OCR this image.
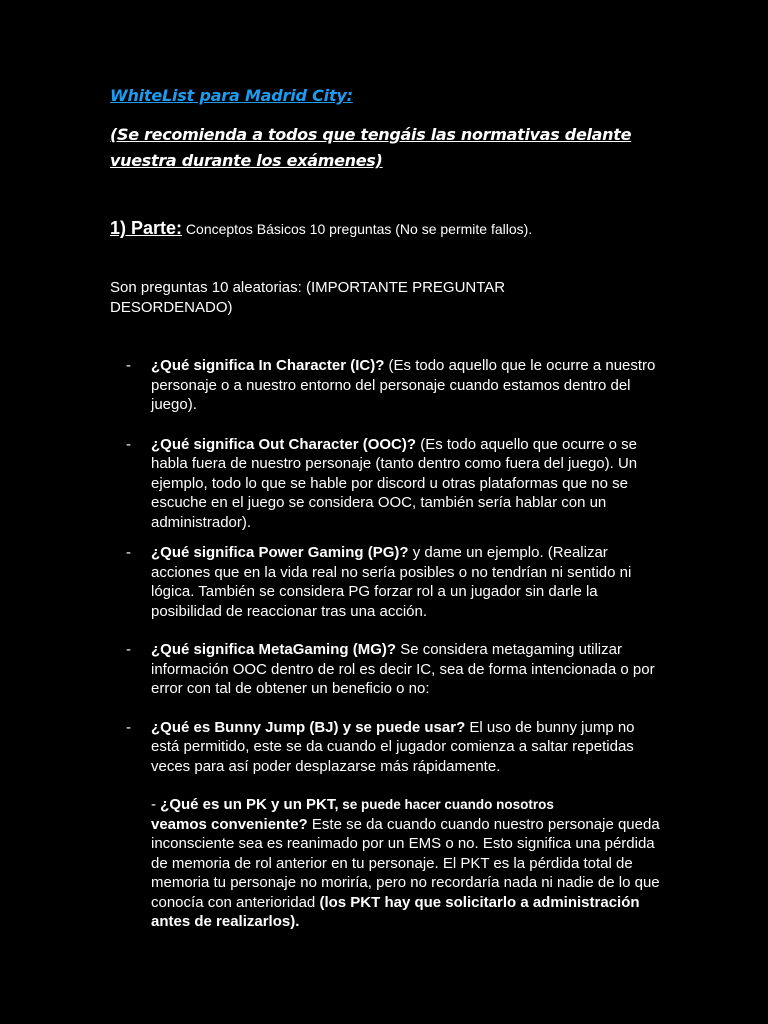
WhiteList para Madrid City:
(Se recomienda a todos que tengáis las normativas delante vuestra durante los exámenes)
1) Parte: Conceptos Básicos 10 preguntas (No se permite fallos).
Son preguntas 10 aleatorias: (IMPORTANTE PREGUNTAR DESORDENADO)
- ¿Qué significa In Character (IC)? (Es todo aquello que le ocurre a nuestro personaje o a nuestro entorno del personaje cuando estamos dentro del juego).
- ¿Qué significa Out Character (OOC)? (Es todo aquello que ocurre o se habla fuera de nuestro personaje (tanto dentro como fuera del juego). Un ejemplo, todo lo que se hable por discord u otras plataformas que no se escuche en el juego se considera OOC, también sería hablar con un administrador).
- ¿Qué significa Power Gaming (PG)? y dame un ejemplo. (Realizar acciones que en la vida real no sería posibles o no tendrían ni sentido ni lógica. También se considera PG forzar rol a un jugador sin darle la posibilidad de reaccionar tras una acción.
- ¿Qué significa MetaGaming (MG)? Se considera metagaming utilizar información OOC dentro de rol es decir IC, sea de forma intencionada o por error con tal de obtener un beneficio o no:
- ¿Qué es Bunny Jump (BJ) y se puede usar? El uso de bunny jump no está permitido, este se da cuando el jugador comienza a saltar repetidas veces para así poder desplazarse más rápidamente.
- ¿Qué es un PK y un PKT, se puede hacer cuando nosotros
veamos conveniente? Este se da cuando cuando nuestro personaje queda inconsciente sea es reanimado por un EMS o no. Esto significa una pérdida de memoria de rol anterior en tu personaje. El PKT es la pérdida total de memoria tu personaje no moriría, pero no recordaría nada ni nadie de lo que conocía con anterioridad (los PKT hay que solicitarlo a administración antes de realizarlos).
